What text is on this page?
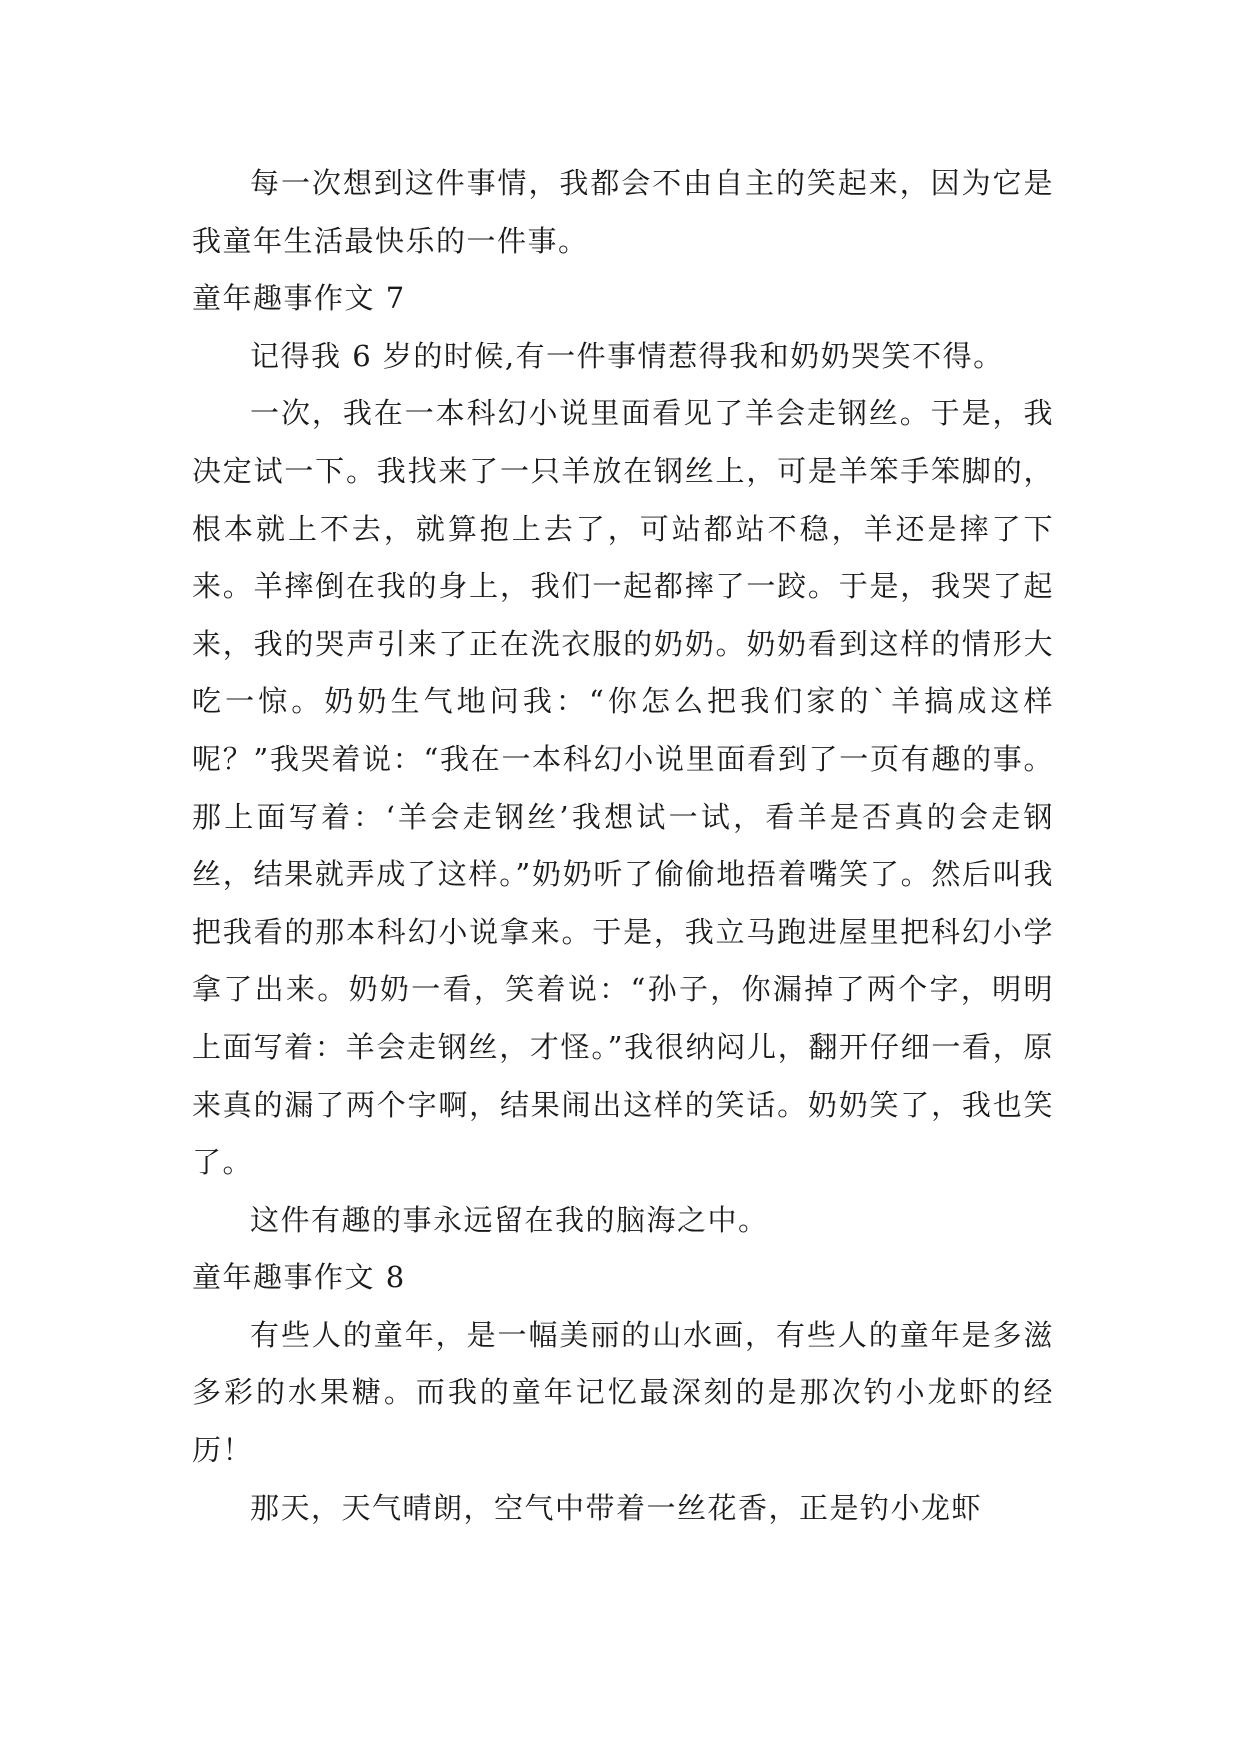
每一次想到这件事情，我都会不由自主的笑起来，因为它是我童年生活最快乐的一件事。

童年趣事作文 7

记得我 6 岁的时候,有一件事情惹得我和奶奶哭笑不得。

一次，我在一本科幻小说里面看见了羊会走钢丝。于是，我决定试一下。我找来了一只羊放在钢丝上，可是羊笨手笨脚的，根本就上不去，就算抱上去了，可站都站不稳，羊还是摔了下来。羊摔倒在我的身上，我们一起都摔了一跤。于是，我哭了起来，我的哭声引来了正在洗衣服的奶奶。奶奶看到这样的情形大吃一惊。奶奶生气地问我：“你怎么把我们家的`羊搞成这样呢？”我哭着说：“我在一本科幻小说里面看到了一页有趣的事。那上面写着：‘羊会走钢丝’我想试一试，看羊是否真的会走钢丝，结果就弄成了这样。”奶奶听了偷偷地捂着嘴笑了。然后叫我把我看的那本科幻小说拿来。于是，我立马跑进屋里把科幻小学拿了出来。奶奶一看，笑着说：“孙子，你漏掉了两个字，明明上面写着：羊会走钢丝，才怪。”我很纳闷儿，翻开仔细一看，原来真的漏了两个字啊，结果闹出这样的笑话。奶奶笑了，我也笑了。

这件有趣的事永远留在我的脑海之中。

童年趣事作文 8

有些人的童年，是一幅美丽的山水画，有些人的童年是多滋多彩的水果糖。而我的童年记忆最深刻的是那次钓小龙虾的经历！

那天，天气晴朗，空气中带着一丝花香，正是钓小龙虾
